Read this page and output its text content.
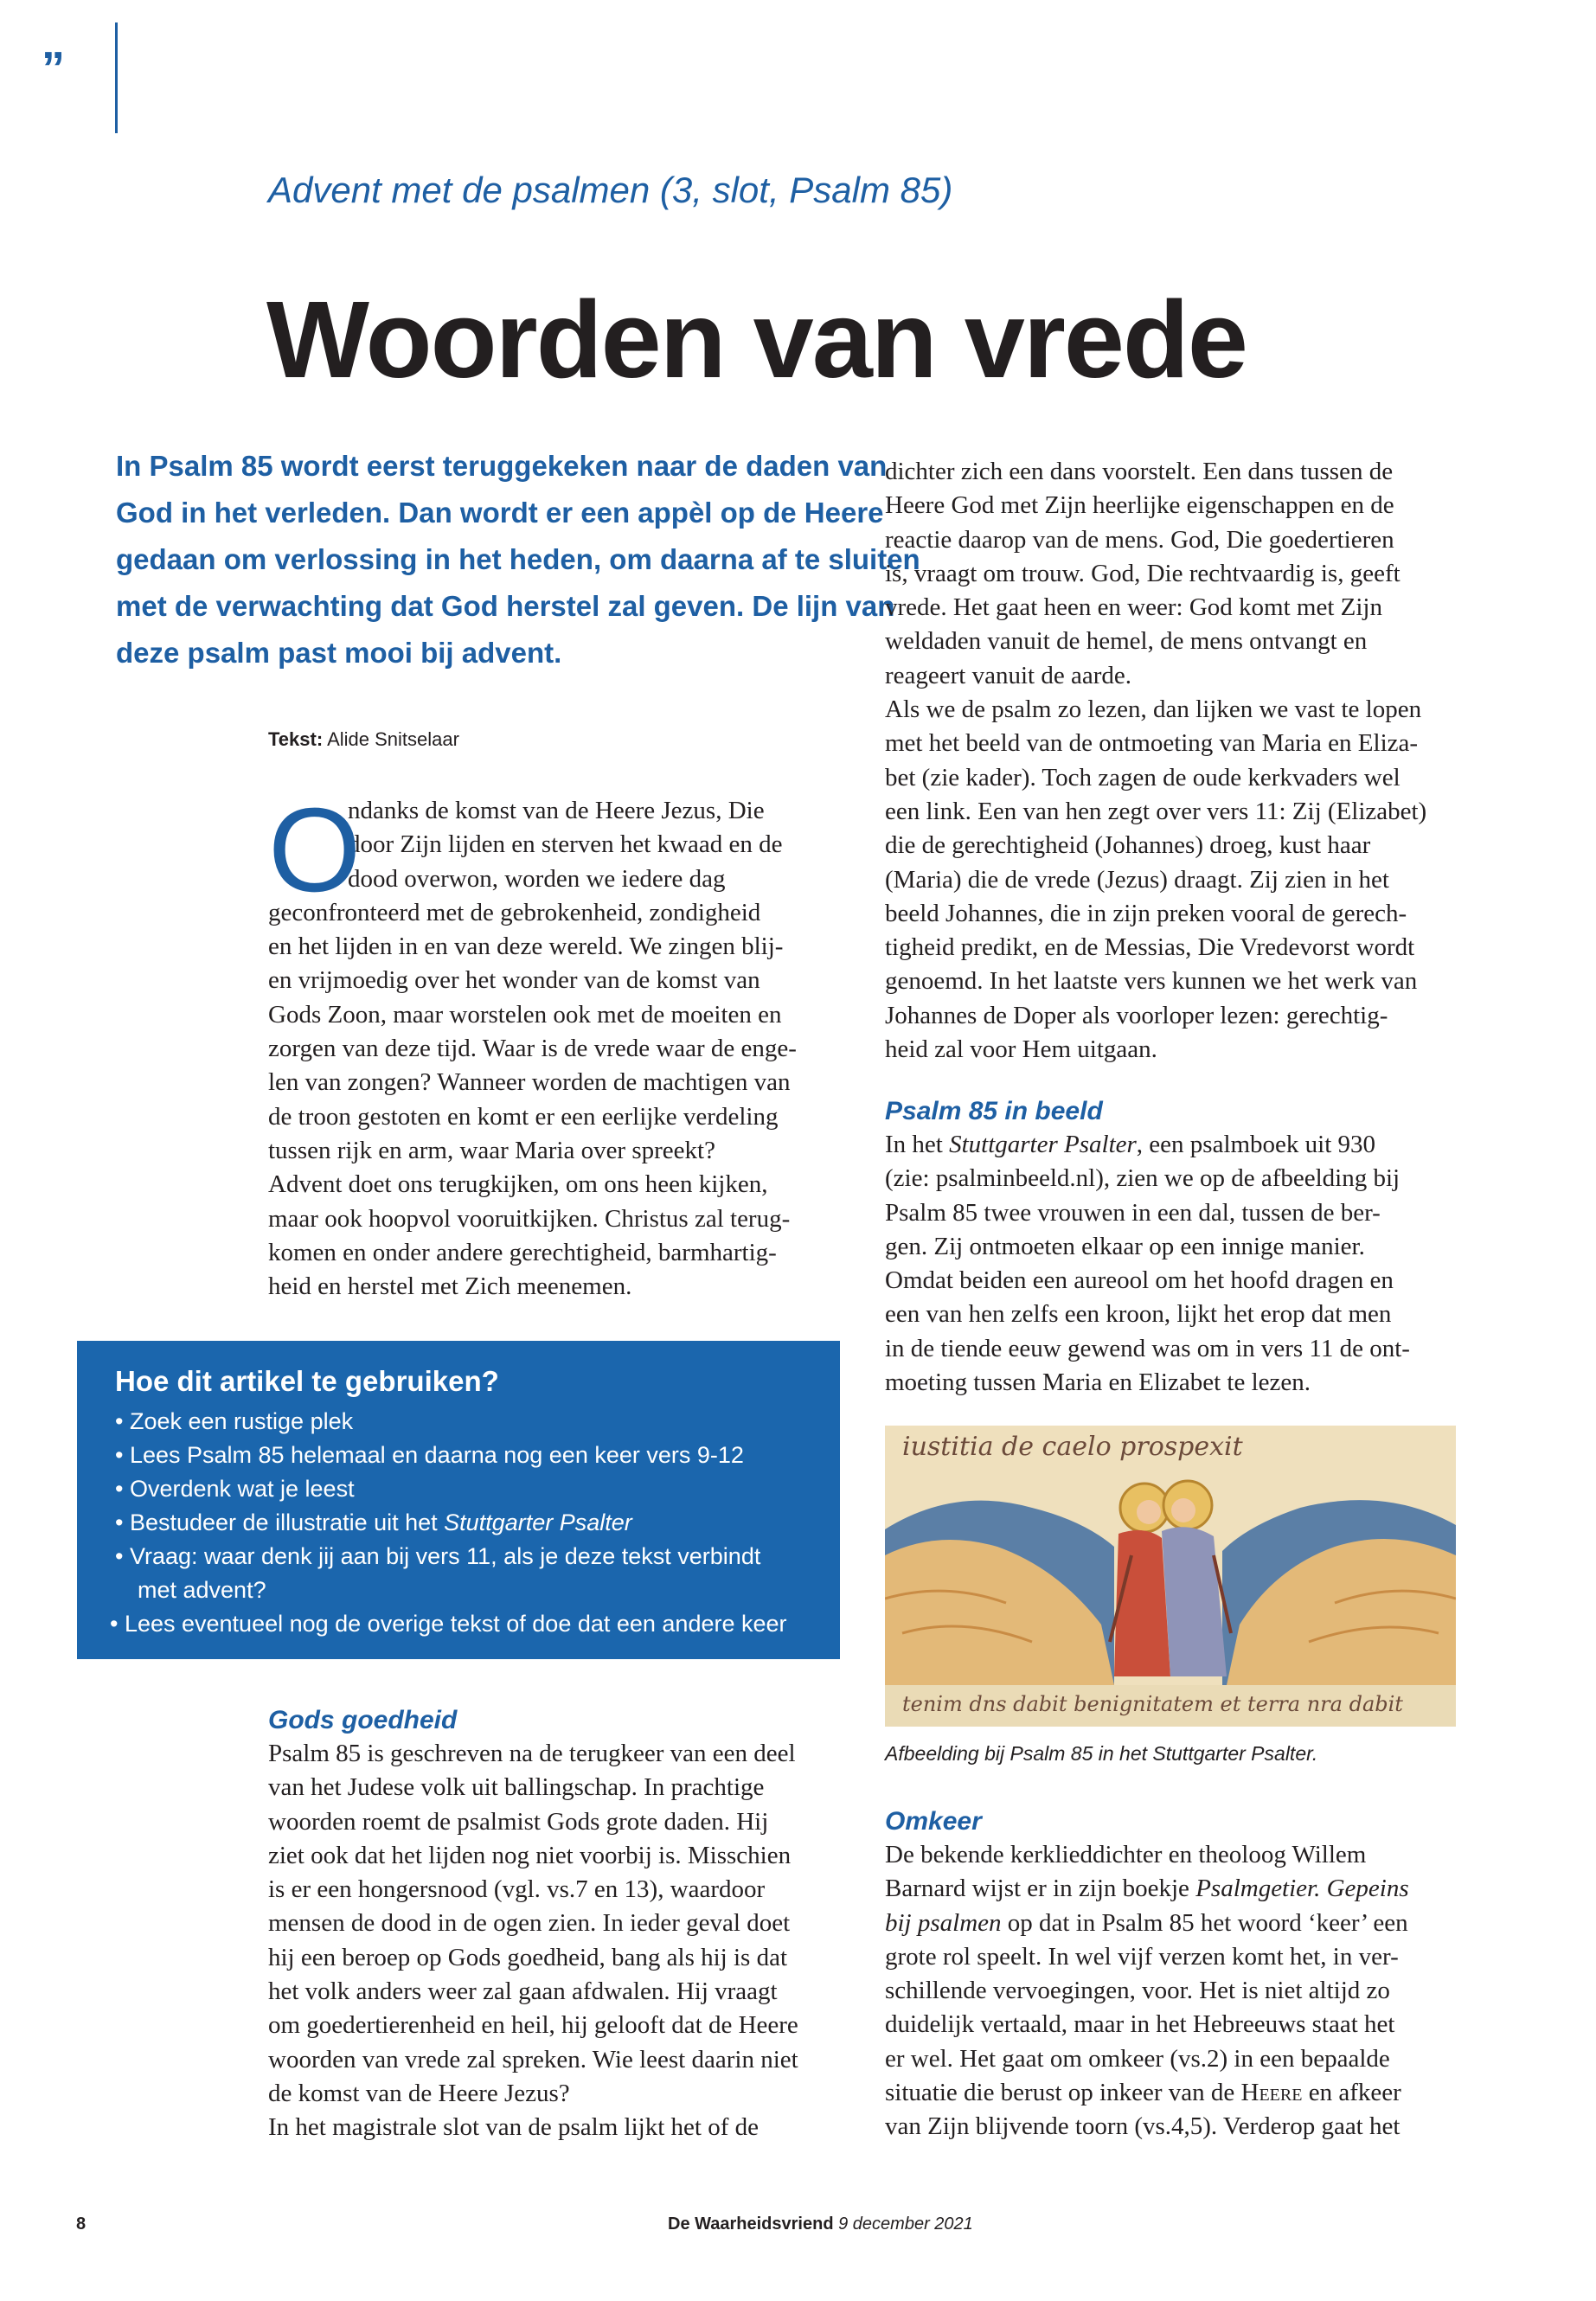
”
Advent met de psalmen (3, slot, Psalm 85)
Woorden van vrede
In Psalm 85 wordt eerst teruggekeken naar de daden van
God in het verleden. Dan wordt er een appèl op de Heere
gedaan om verlossing in het heden, om daarna af te sluiten
met de verwachting dat God herstel zal geven. De lijn van
deze psalm past mooi bij advent.
Tekst: Alide Snitselaar
O
ndanks de komst van de Heere Jezus, Die
door Zijn lijden en sterven het kwaad en de
dood overwon, worden we iedere dag
geconfronteerd met de gebrokenheid, zondigheid
en het lijden in en van deze wereld. We zingen blij-
en vrijmoedig over het wonder van de komst van
Gods Zoon, maar worstelen ook met de moeiten en
zorgen van deze tijd. Waar is de vrede waar de enge-
len van zongen? Wanneer worden de machtigen van
de troon gestoten en komt er een eerlijke verdeling
tussen rijk en arm, waar Maria over spreekt?
Advent doet ons terugkijken, om ons heen kijken,
maar ook hoopvol vooruitkijken. Christus zal terug-
komen en onder andere gerechtigheid, barmhartig-
heid en herstel met Zich meenemen.
Hoe dit artikel te gebruiken?
• Zoek een rustige plek
• Lees Psalm 85 helemaal en daarna nog een keer vers 9-12
• Overdenk wat je leest
• Bestudeer de illustratie uit het Stuttgarter Psalter
• Vraag: waar denk jij aan bij vers 11, als je deze tekst verbindt
met advent?
• Lees eventueel nog de overige tekst of doe dat een andere keer
Gods goedheid
Psalm 85 is geschreven na de terugkeer van een deel
van het Judese volk uit ballingschap. In prachtige
woorden roemt de psalmist Gods grote daden. Hij
ziet ook dat het lijden nog niet voorbij is. Misschien
is er een hongersnood (vgl. vs.7 en 13), waardoor
mensen de dood in de ogen zien. In ieder geval doet
hij een beroep op Gods goedheid, bang als hij is dat
het volk anders weer zal gaan afdwalen. Hij vraagt
om goedertierenheid en heil, hij gelooft dat de Heere
woorden van vrede zal spreken. Wie leest daarin niet
de komst van de Heere Jezus?
In het magistrale slot van de psalm lijkt het of de
dichter zich een dans voorstelt. Een dans tussen de
Heere God met Zijn heerlijke eigenschappen en de
reactie daarop van de mens. God, Die goedertieren
is, vraagt om trouw. God, Die rechtvaardig is, geeft
vrede. Het gaat heen en weer: God komt met Zijn
weldaden vanuit de hemel, de mens ontvangt en
reageert vanuit de aarde.
Als we de psalm zo lezen, dan lijken we vast te lopen
met het beeld van de ontmoeting van Maria en Eliza-
bet (zie kader). Toch zagen de oude kerkvaders wel
een link. Een van hen zegt over vers 11: Zij (Elizabet)
die de gerechtigheid (Johannes) droeg, kust haar
(Maria) die de vrede (Jezus) draagt. Zij zien in het
beeld Johannes, die in zijn preken vooral de gerech-
tigheid predikt, en de Messias, Die Vredevorst wordt
genoemd. In het laatste vers kunnen we het werk van
Johannes de Doper als voorloper lezen: gerechtig-
heid zal voor Hem uitgaan.
Psalm 85 in beeld
In het Stuttgarter Psalter, een psalmboek uit 930
(zie: psalminbeeld.nl), zien we op de afbeelding bij
Psalm 85 twee vrouwen in een dal, tussen de ber-
gen. Zij ontmoeten elkaar op een innige manier.
Omdat beiden een aureool om het hoofd dragen en
een van hen zelfs een kroon, lijkt het erop dat men
in de tiende eeuw gewend was om in vers 11 de ont-
moeting tussen Maria en Elizabet te lezen.
iustitia de caelo prospexit
tenim dns dabit benignitatem et terra nra dabit
Afbeelding bij Psalm 85 in het Stuttgarter Psalter.
Omkeer
De bekende kerklieddichter en theoloog Willem
Barnard wijst er in zijn boekje Psalmgetier. Gepeins
bij psalmen op dat in Psalm 85 het woord ‘keer’ een
grote rol speelt. In wel vijf verzen komt het, in ver-
schillende vervoegingen, voor. Het is niet altijd zo
duidelijk vertaald, maar in het Hebreeuws staat het
er wel. Het gaat om omkeer (vs.2) in een bepaalde
situatie die berust op inkeer van de Heere en afkeer
van Zijn blijvende toorn (vs.4,5). Verderop gaat het
8	De Waarheidsvriend 9 december 2021
